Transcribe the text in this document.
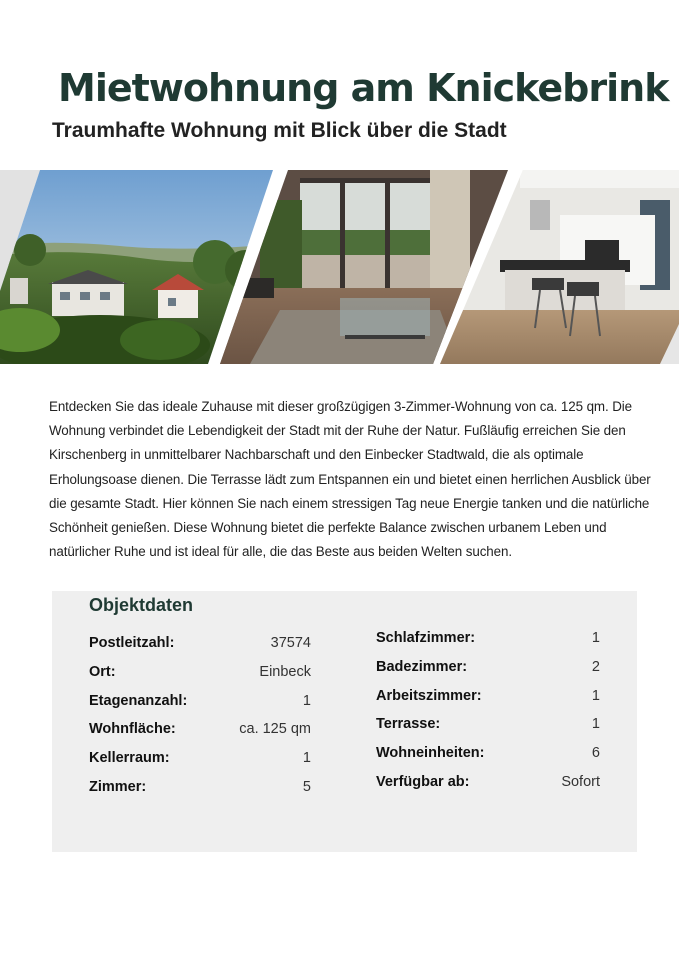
Mietwohnung am Knickebrink
Traumhafte Wohnung mit Blick über die Stadt

Entdecken Sie das ideale Zuhause mit dieser großzügigen 3-Zimmer-Wohnung von ca. 125 qm. Die Wohnung verbindet die Lebendigkeit der Stadt mit der Ruhe der Natur. Fußläufig erreichen Sie den Kirschenberg in unmittelbarer Nachbarschaft und den Einbecker Stadtwald, die als optimale Erholungsoase dienen. Die Terrasse lädt zum Entspannen ein und bietet einen herrlichen Ausblick über die gesamte Stadt. Hier können Sie nach einem stressigen Tag neue Energie tanken und die natürliche Schönheit genießen. Diese Wohnung bietet die perfekte Balance zwischen urbanem Leben und natürlicher Ruhe und ist ideal für alle, die das Beste aus beiden Welten suchen.

Objektdaten
Postleitzahl:	37574
Ort:	Einbeck
Etagenanzahl:	1
Wohnfläche:	ca. 125 qm
Kellerraum:	1
Zimmer:	5
Schlafzimmer:	1
Badezimmer:	2
Arbeitszimmer:	1
Terrasse:	1
Wohneinheiten:	6
Verfügbar ab:	Sofort
